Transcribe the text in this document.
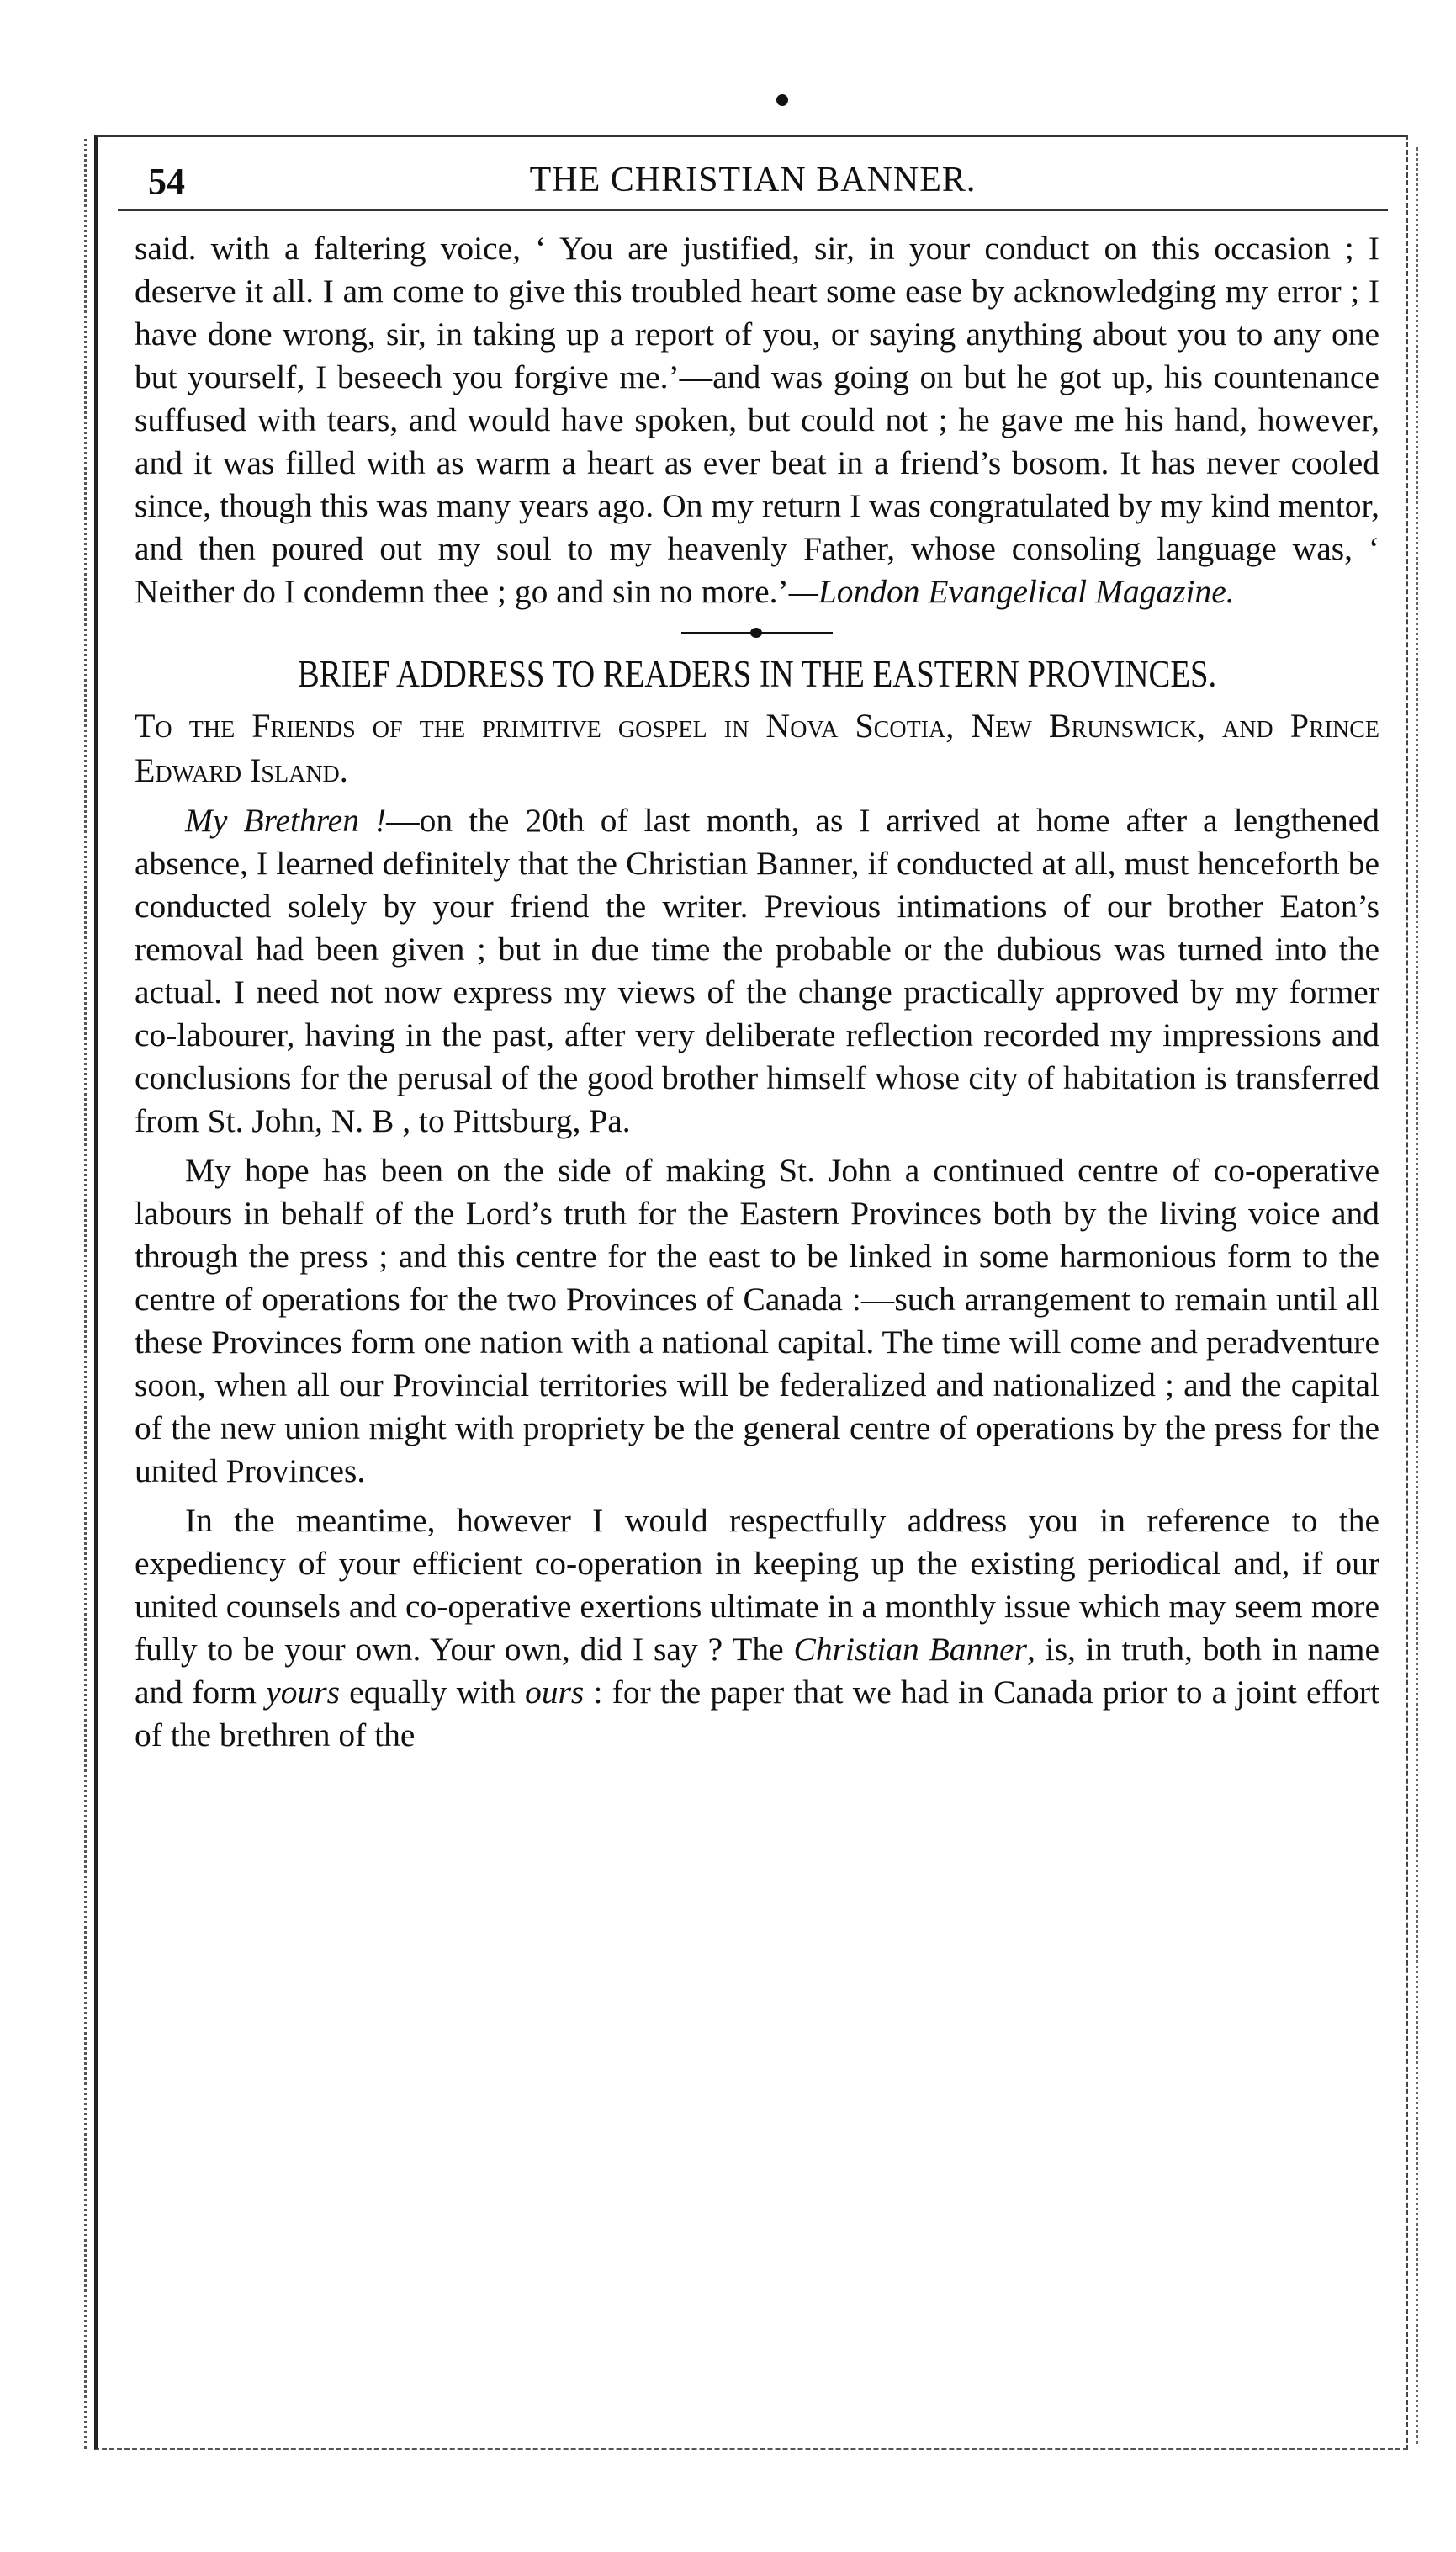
54	THE CHRISTIAN BANNER.

said. with a faltering voice, ‘ You are justified, sir, in your conduct on this occasion ; I deserve it all. I am come to give this troubled heart some ease by acknowledging my error ; I have done wrong, sir, in taking up a report of you, or saying anything about you to any one but yourself, I beseech you forgive me.’—and was going on but he got up, his countenance suffused with tears, and would have spoken, but could not ; he gave me his hand, however, and it was filled with as warm a heart as ever beat in a friend’s bosom. It has never cooled since, though this was many years ago. On my return I was congratulated by my kind mentor, and then poured out my soul to my heavenly Father, whose consoling language was, ‘ Neither do I condemn thee ; go and sin no more.’—London Evangelical Magazine.

BRIEF ADDRESS TO READERS IN THE EASTERN PROVINCES.

To the Friends of the primitive gospel in Nova Scotia, New Brunswick, and Prince Edward Island.

My Brethren !—on the 20th of last month, as I arrived at home after a lengthened absence, I learned definitely that the Christian Banner, if conducted at all, must henceforth be conducted solely by your friend the writer. Previous intimations of our brother Eaton’s removal had been given ; but in due time the probable or the dubious was turned into the actual. I need not now express my views of the change practically approved by my former co-labourer, having in the past, after very deliberate reflection recorded my impressions and conclusions for the perusal of the good brother himself whose city of habitation is transferred from St. John, N. B , to Pittsburg, Pa.

My hope has been on the side of making St. John a continued centre of co-operative labours in behalf of the Lord’s truth for the Eastern Provinces both by the living voice and through the press ; and this centre for the east to be linked in some harmonious form to the centre of operations for the two Provinces of Canada :—such arrangement to remain until all these Provinces form one nation with a national capital. The time will come and peradventure soon, when all our Provincial territories will be federalized and nationalized ; and the capital of the new union might with propriety be the general centre of operations by the press for the united Provinces.

In the meantime, however I would respectfully address you in reference to the expediency of your efficient co-operation in keeping up the existing periodical and, if our united counsels and co-operative exertions ultimate in a monthly issue which may seem more fully to be your own. Your own, did I say ? The Christian Banner, is, in truth, both in name and form yours equally with ours : for the paper that we had in Canada prior to a joint effort of the brethren of the
